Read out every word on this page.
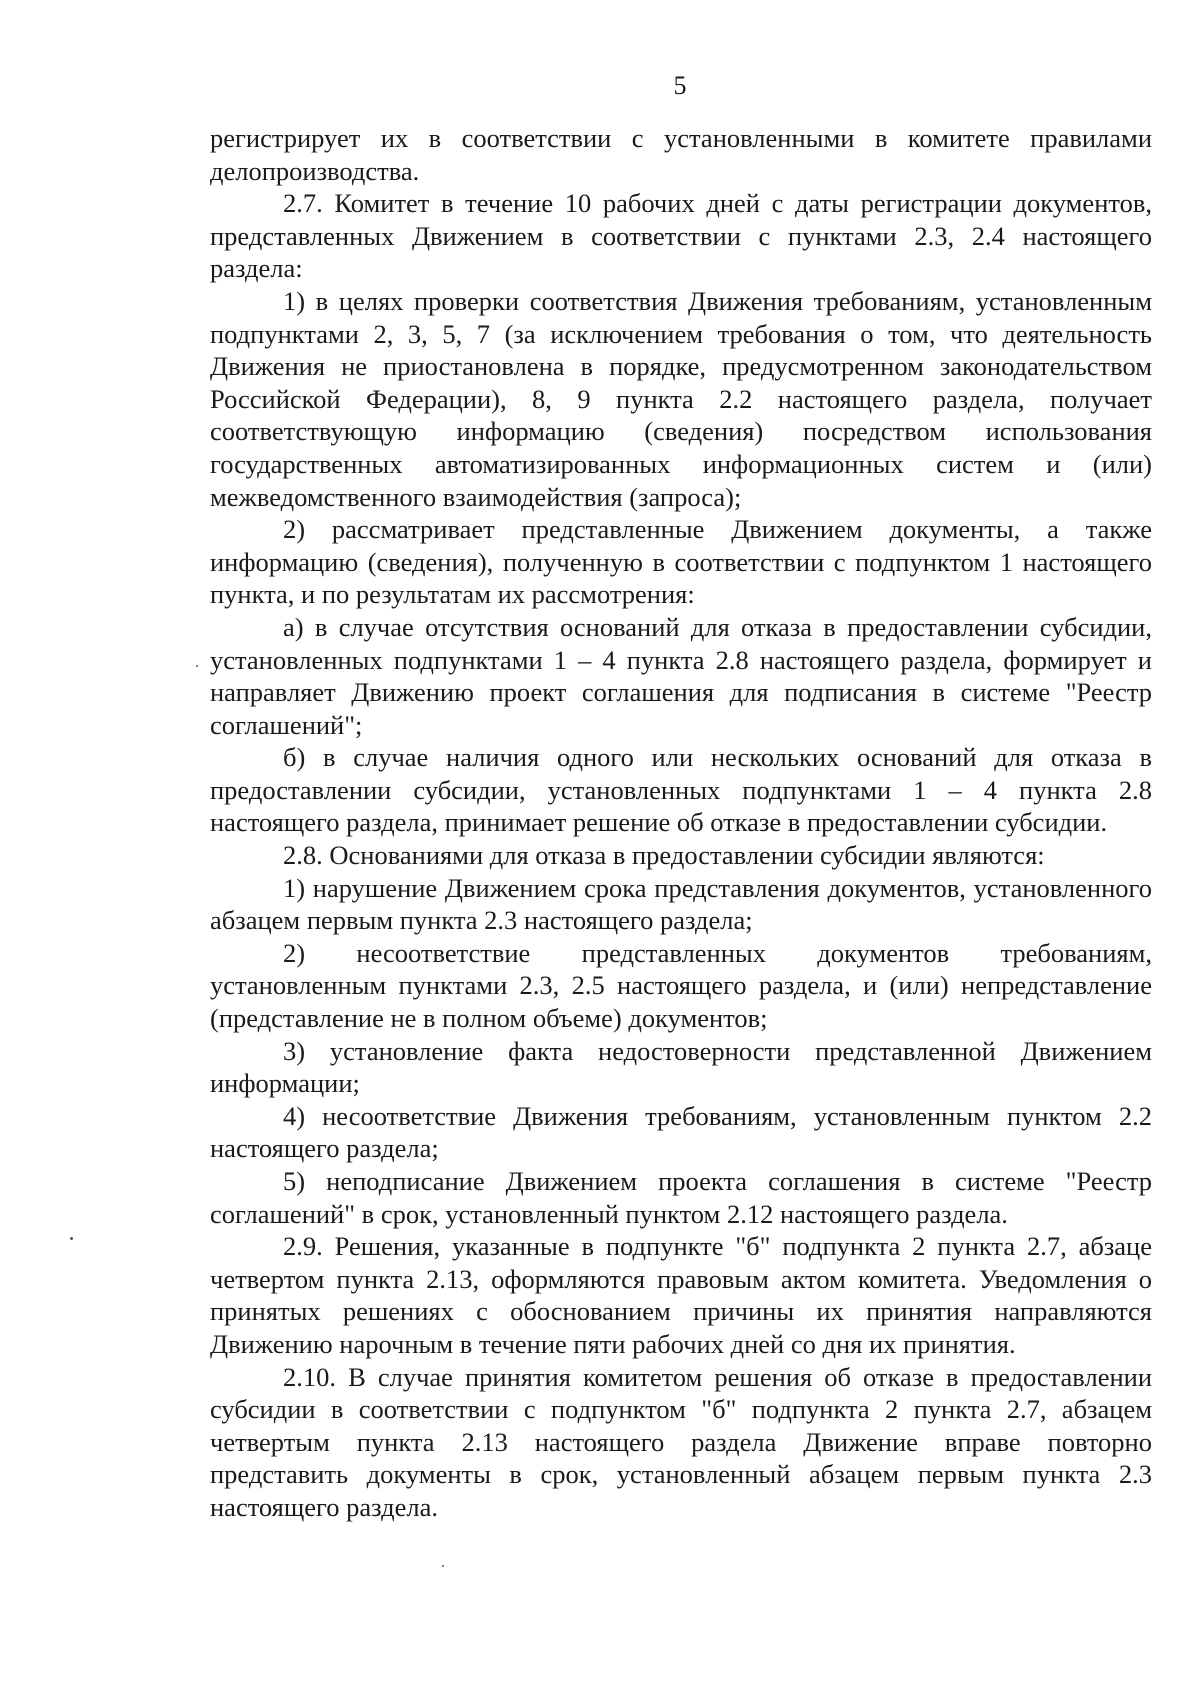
5

регистрирует их в соответствии с установленными в комитете правилами делопроизводства.

2.7. Комитет в течение 10 рабочих дней с даты регистрации документов, представленных Движением в соответствии с пунктами 2.3, 2.4 настоящего раздела:

1) в целях проверки соответствия Движения требованиям, установленным подпунктами 2, 3, 5, 7 (за исключением требования о том, что деятельность Движения не приостановлена в порядке, предусмотренном законодательством Российской Федерации), 8, 9 пункта 2.2 настоящего раздела, получает соответствующую информацию (сведения) посредством использования государственных автоматизированных информационных систем и (или) межведомственного взаимодействия (запроса);

2) рассматривает представленные Движением документы, а также информацию (сведения), полученную в соответствии с подпунктом 1 настоящего пункта, и по результатам их рассмотрения:

а) в случае отсутствия оснований для отказа в предоставлении субсидии, установленных подпунктами 1 – 4 пункта 2.8 настоящего раздела, формирует и направляет Движению проект соглашения для подписания в системе "Реестр соглашений";

б) в случае наличия одного или нескольких оснований для отказа в предоставлении субсидии, установленных подпунктами 1 – 4 пункта 2.8 настоящего раздела, принимает решение об отказе в предоставлении субсидии.

2.8. Основаниями для отказа в предоставлении субсидии являются:

1) нарушение Движением срока представления документов, установленного абзацем первым пункта 2.3 настоящего раздела;

2) несоответствие представленных документов требованиям, установленным пунктами 2.3, 2.5 настоящего раздела, и (или) непредставление (представление не в полном объеме) документов;

3) установление факта недостоверности представленной Движением информации;

4) несоответствие Движения требованиям, установленным пунктом 2.2 настоящего раздела;

5) неподписание Движением проекта соглашения в системе "Реестр соглашений" в срок, установленный пунктом 2.12 настоящего раздела.

2.9. Решения, указанные в подпункте "б" подпункта 2 пункта 2.7, абзаце четвертом пункта 2.13, оформляются правовым актом комитета. Уведомления о принятых решениях с обоснованием причины их принятия направляются Движению нарочным в течение пяти рабочих дней со дня их принятия.

2.10. В случае принятия комитетом решения об отказе в предоставлении субсидии в соответствии с подпунктом "б" подпункта 2 пункта 2.7, абзацем четвертым пункта 2.13 настоящего раздела Движение вправе повторно представить документы в срок, установленный абзацем первым пункта 2.3 настоящего раздела.
